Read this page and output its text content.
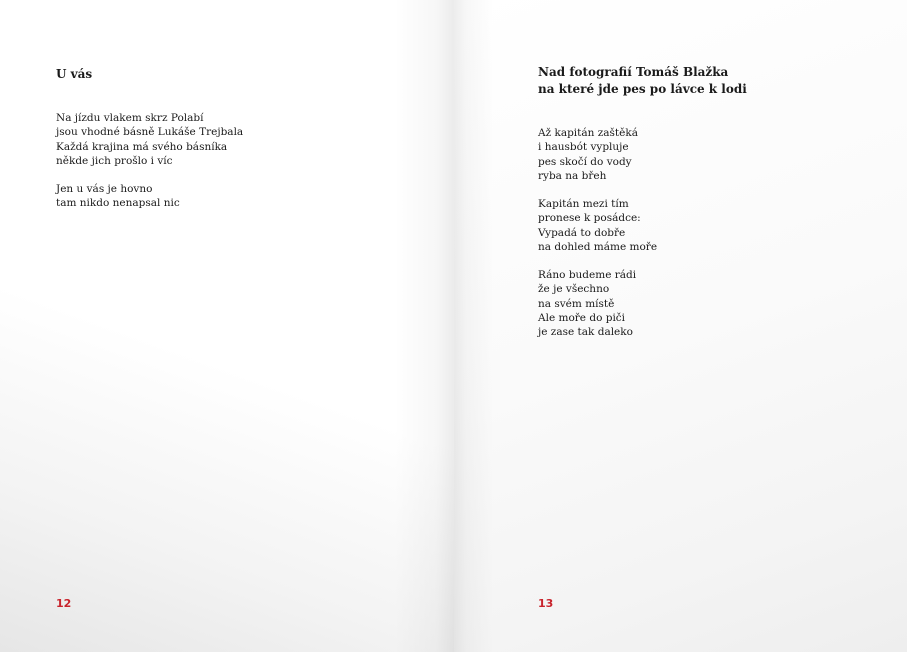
U vás
Na jízdu vlakem skrz Polabí
jsou vhodné básně Lukáše Trejbala
Každá krajina má svého básníka
někde jich prošlo i víc
Jen u vás je hovno
tam nikdo nenapsal nic
12
Nad fotografií Tomáš Blažka
na které jde pes po lávce k lodi
Až kapitán zaštěká
i hausbót vypluje
pes skočí do vody
ryba na břeh
Kapitán mezi tím
pronese k posádce:
Vypadá to dobře
na dohled máme moře
Ráno budeme rádi
že je všechno
na svém místě
Ale moře do piči
je zase tak daleko
13
